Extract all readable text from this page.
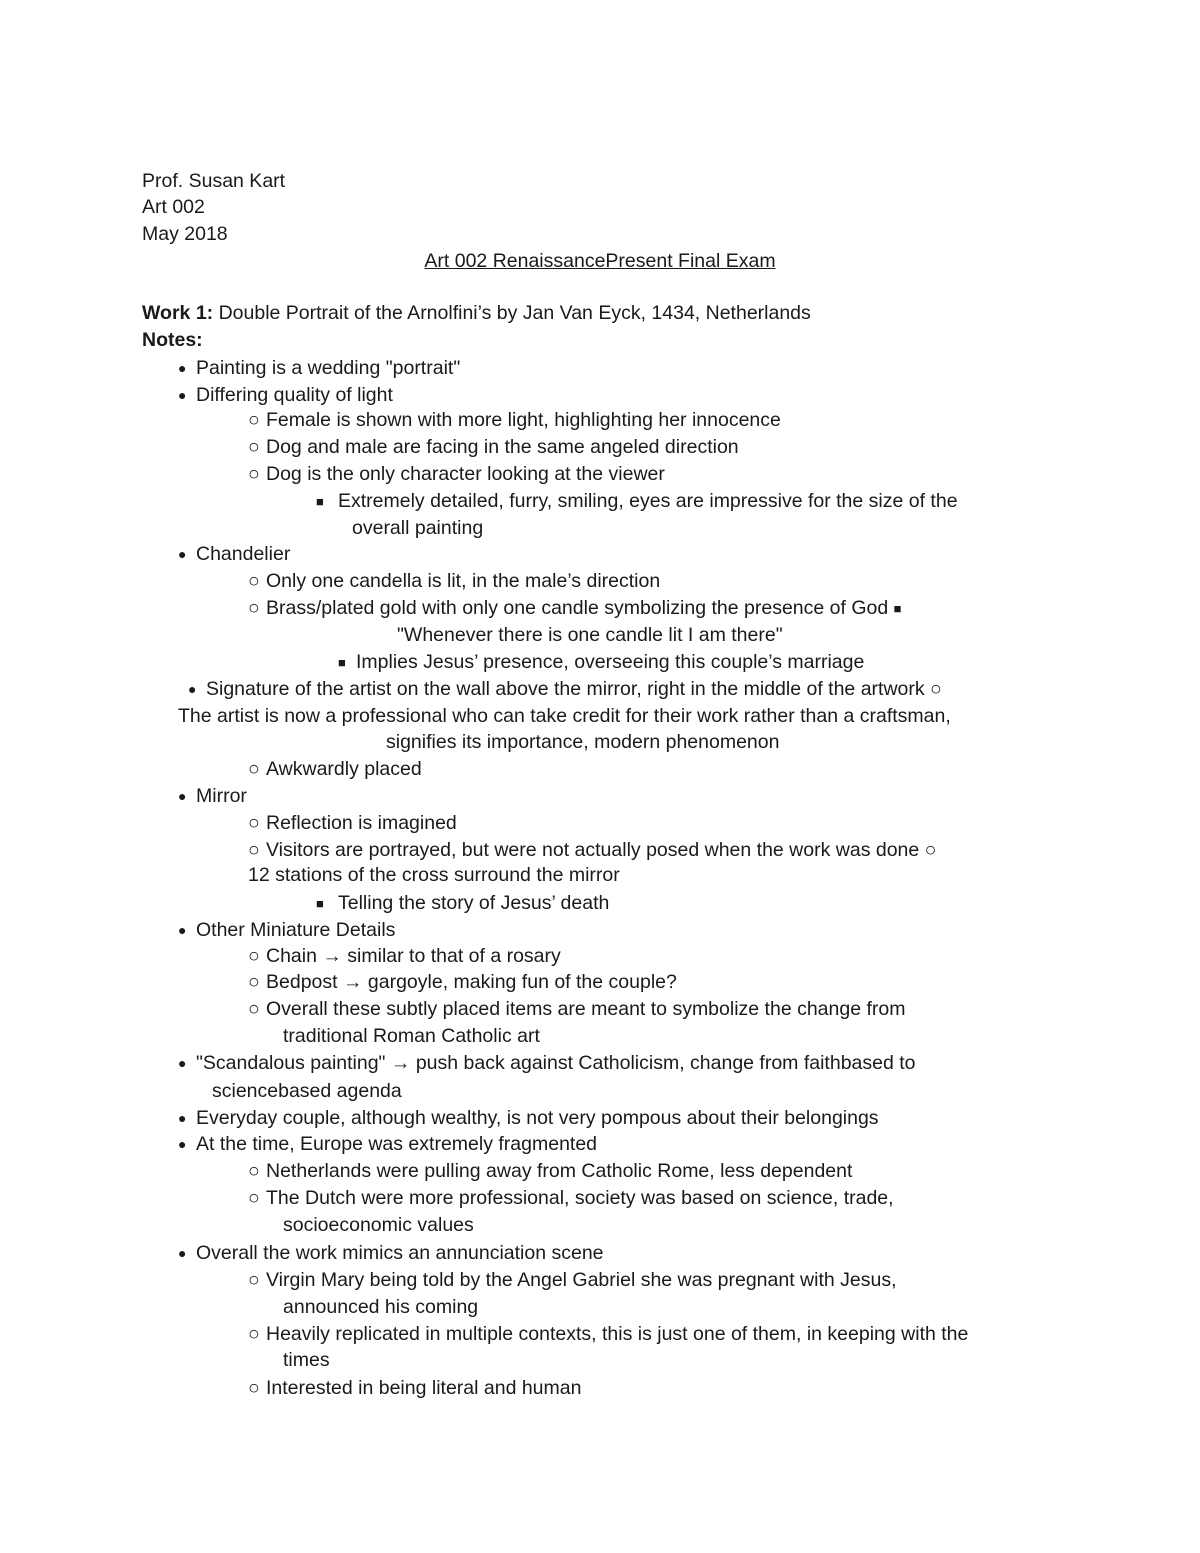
Prof. Susan Kart
Art 002
May 2018
Art 002 RenaissancePresent Final Exam
Work 1: Double Portrait of the Arnolfini’s by Jan Van Eyck, 1434, Netherlands
Notes:
● Painting is a wedding "portrait"
● Differing quality of light
○ Female is shown with more light, highlighting her innocence
○ Dog and male are facing in the same angeled direction
○ Dog is the only character looking at the viewer
■ Extremely detailed, furry, smiling, eyes are impressive for the size of the
overall painting
● Chandelier
○ Only one candella is lit, in the male’s direction
○ Brass/plated gold with only one candle symbolizing the presence of God ■
"Whenever there is one candle lit I am there"
■ Implies Jesus’ presence, overseeing this couple’s marriage
● Signature of the artist on the wall above the mirror, right in the middle of the artwork ○
The artist is now a professional who can take credit for their work rather than a craftsman,
signifies its importance, modern phenomenon
○ Awkwardly placed
● Mirror
○ Reflection is imagined
○ Visitors are portrayed, but were not actually posed when the work was done ○
12 stations of the cross surround the mirror
■ Telling the story of Jesus’ death
● Other Miniature Details
○ Chain → similar to that of a rosary
○ Bedpost → gargoyle, making fun of the couple?
○ Overall these subtly placed items are meant to symbolize the change from
traditional Roman Catholic art
● "Scandalous painting" → push back against Catholicism, change from faithbased to
sciencebased agenda
● Everyday couple, although wealthy, is not very pompous about their belongings
● At the time, Europe was extremely fragmented
○ Netherlands were pulling away from Catholic Rome, less dependent
○ The Dutch were more professional, society was based on science, trade,
socioeconomic values
● Overall the work mimics an annunciation scene
○ Virgin Mary being told by the Angel Gabriel she was pregnant with Jesus,
announced his coming
○ Heavily replicated in multiple contexts, this is just one of them, in keeping with the
times
○ Interested in being literal and human
